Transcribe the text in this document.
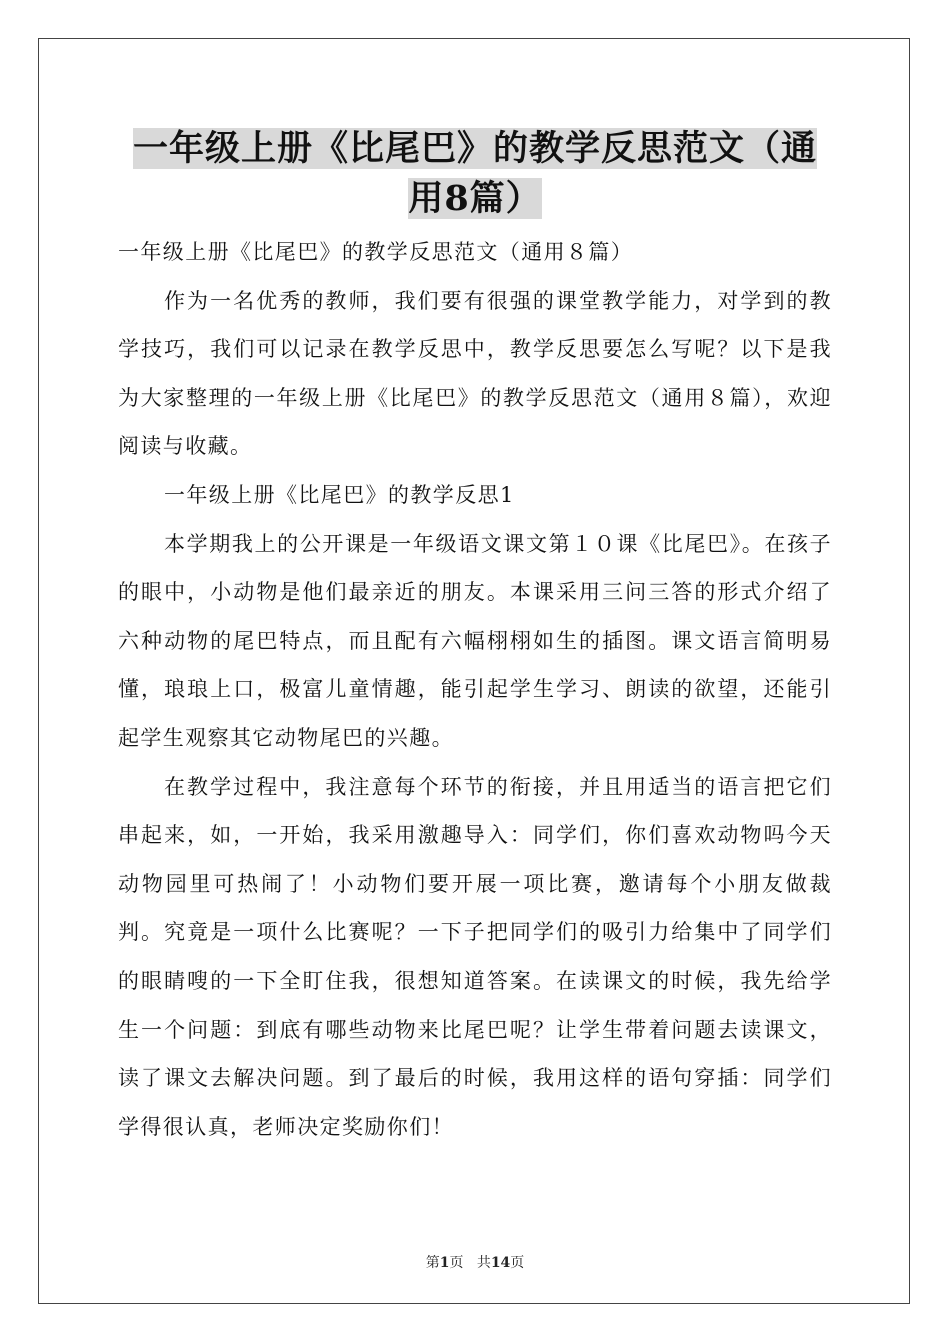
一年级上册《比尾巴》的教学反思范文（通用8篇）

一年级上册《比尾巴》的教学反思范文（通用８篇）

作为一名优秀的教师，我们要有很强的课堂教学能力，对学到的教学技巧，我们可以记录在教学反思中，教学反思要怎么写呢？以下是我为大家整理的一年级上册《比尾巴》的教学反思范文（通用８篇），欢迎阅读与收藏。

一年级上册《比尾巴》的教学反思1

本学期我上的公开课是一年级语文课文第１０课《比尾巴》。在孩子的眼中，小动物是他们最亲近的朋友。本课采用三问三答的形式介绍了六种动物的尾巴特点，而且配有六幅栩栩如生的插图。课文语言简明易懂，琅琅上口，极富儿童情趣，能引起学生学习、朗读的欲望，还能引起学生观察其它动物尾巴的兴趣。

在教学过程中，我注意每个环节的衔接，并且用适当的语言把它们串起来，如，一开始，我采用激趣导入：同学们，你们喜欢动物吗今天动物园里可热闹了！小动物们要开展一项比赛，邀请每个小朋友做裁判。究竟是一项什么比赛呢？一下子把同学们的吸引力给集中了同学们的眼睛嗖的一下全盯住我，很想知道答案。在读课文的时候，我先给学生一个问题：到底有哪些动物来比尾巴呢？让学生带着问题去读课文，读了课文去解决问题。到了最后的时候，我用这样的语句穿插：同学们学得很认真，老师决定奖励你们！

第1页 共14页
